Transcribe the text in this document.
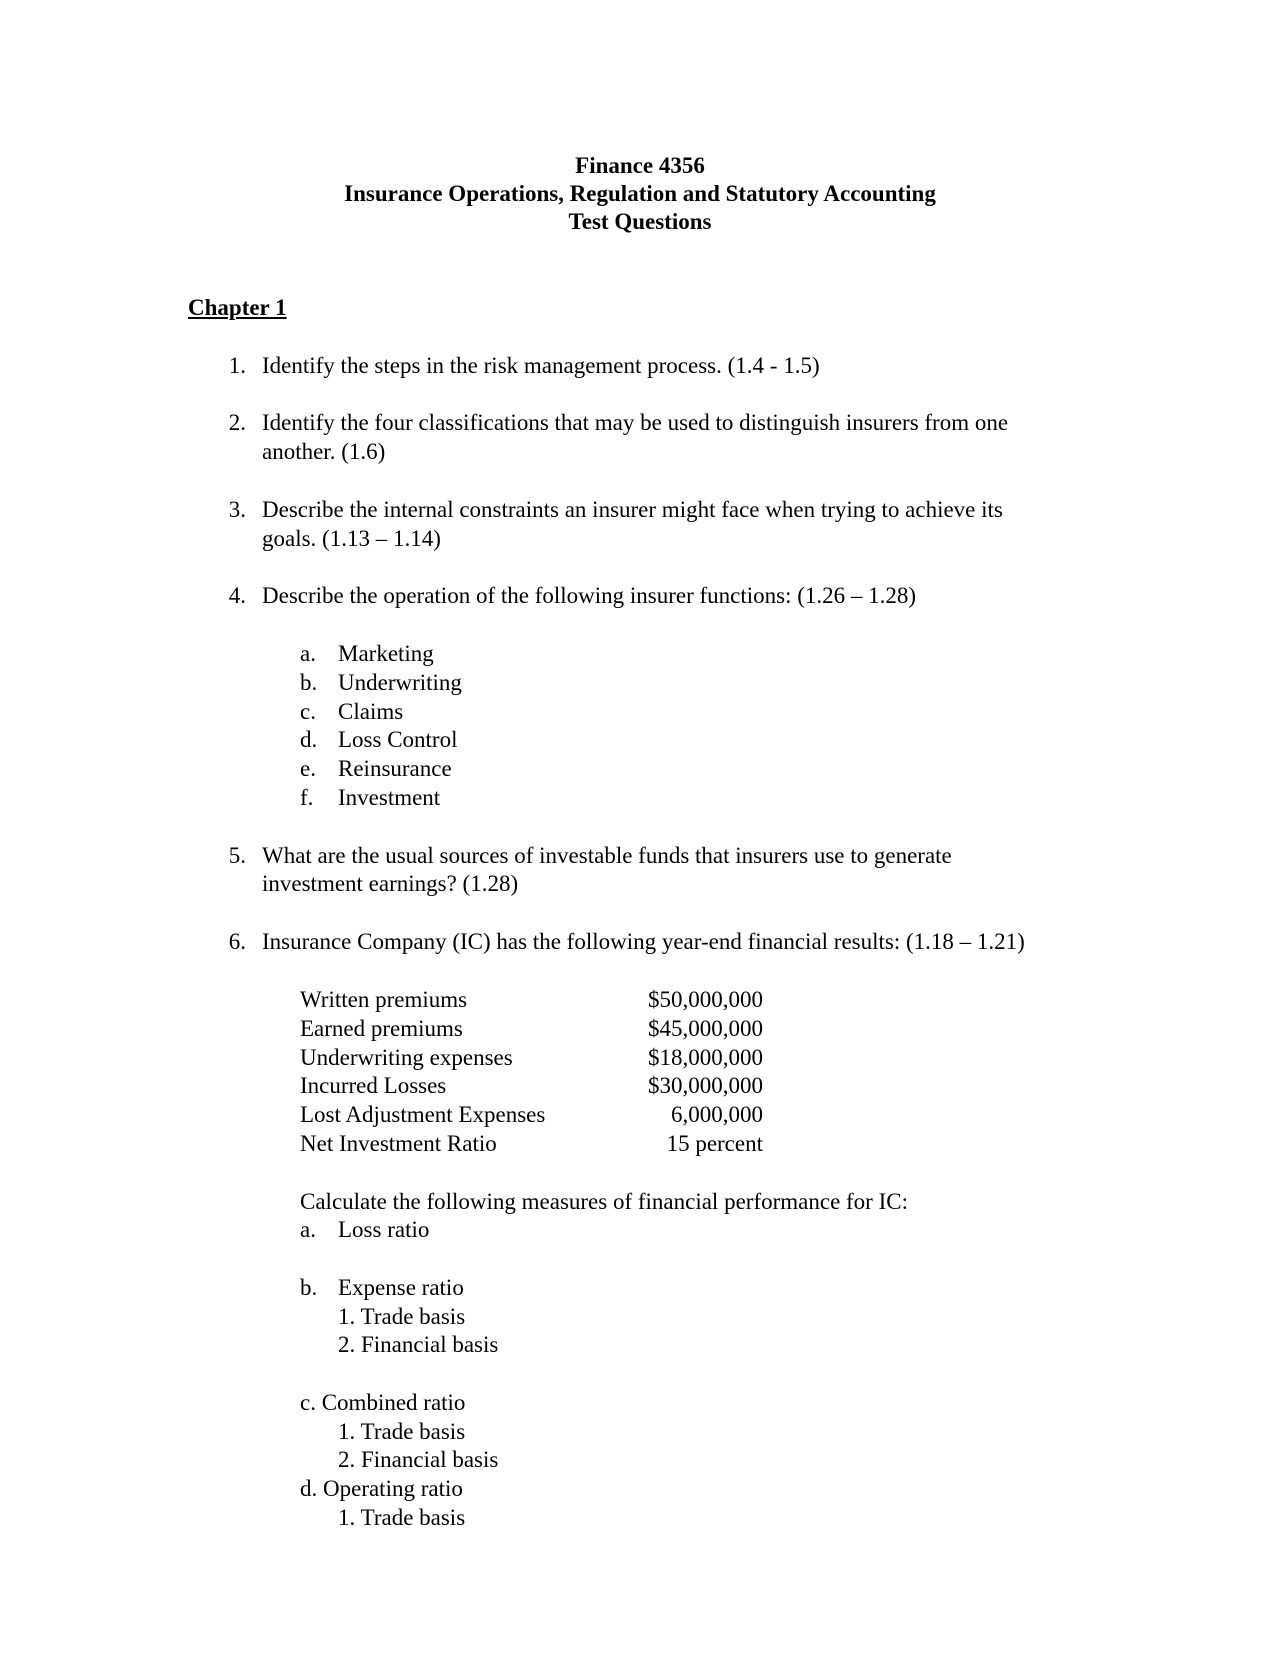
Finance 4356
Insurance Operations, Regulation and Statutory Accounting
Test Questions
Chapter 1
1. Identify the steps in the risk management process. (1.4 - 1.5)
2. Identify the four classifications that may be used to distinguish insurers from one
another. (1.6)
3. Describe the internal constraints an insurer might face when trying to achieve its
goals. (1.13 – 1.14)
4. Describe the operation of the following insurer functions: (1.26 – 1.28)
a. Marketing
b. Underwriting
c. Claims
d. Loss Control
e. Reinsurance
f. Investment
5. What are the usual sources of investable funds that insurers use to generate
investment earnings? (1.28)
6. Insurance Company (IC) has the following year-end financial results: (1.18 – 1.21)
Written premiums	$50,000,000
Earned premiums	$45,000,000
Underwriting expenses	$18,000,000
Incurred Losses	$30,000,000
Lost Adjustment Expenses	6,000,000
Net Investment Ratio	15 percent
Calculate the following measures of financial performance for IC:
a. Loss ratio
b. Expense ratio
1. Trade basis
2. Financial basis
c. Combined ratio
1. Trade basis
2. Financial basis
d. Operating ratio
1. Trade basis
